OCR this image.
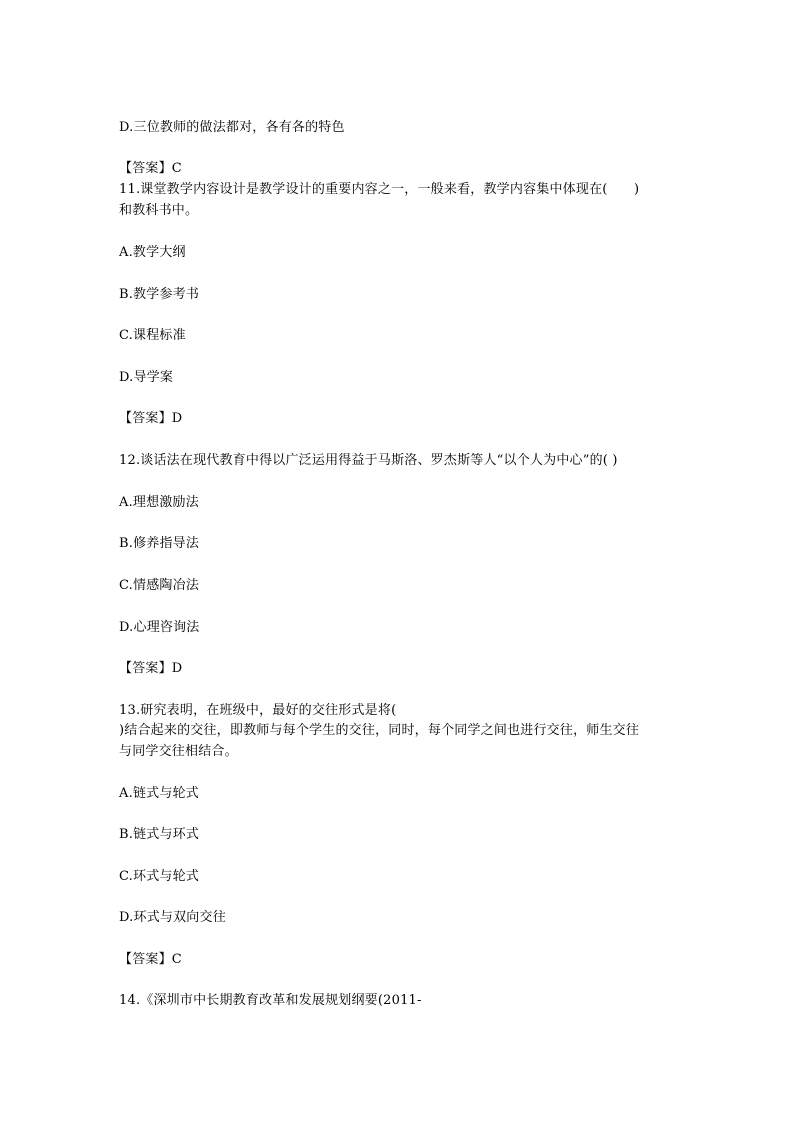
D.三位教师的做法都对，各有各的特色
【答案】C
11.课堂教学内容设计是教学设计的重要内容之一，一般来看，教学内容集中体现在(　　)
和教科书中。
A.教学大纲
B.教学参考书
C.课程标准
D.导学案
【答案】D
12.谈话法在现代教育中得以广泛运用得益于马斯洛、罗杰斯等人“以个人为中心”的( )
A.理想激励法
B.修养指导法
C.情感陶冶法
D.心理咨询法
【答案】D
13.研究表明，在班级中，最好的交往形式是将(
)结合起来的交往，即教师与每个学生的交往，同时，每个同学之间也进行交往，师生交往
与同学交往相结合。
A.链式与轮式
B.链式与环式
C.环式与轮式
D.环式与双向交往
【答案】C
14.《深圳市中长期教育改革和发展规划纲要(2011-
